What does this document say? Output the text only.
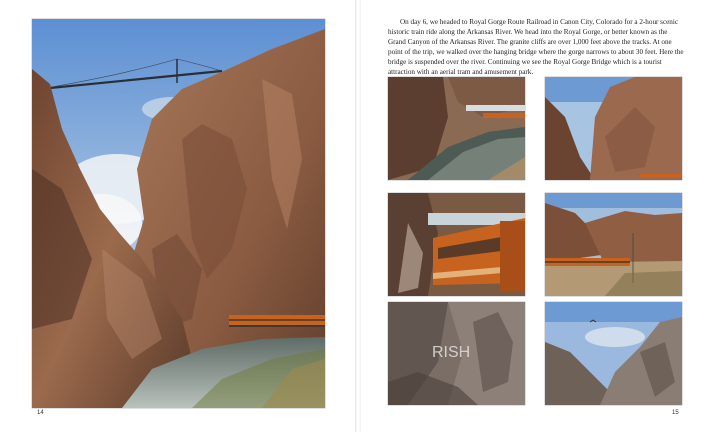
On day 6, we headed to Royal Gorge Route Railroad in Canon City, Colorado for a 2-hour scenic historic train ride along the Arkansas River. We head into the Royal Gorge, or better known as the Grand Canyon of the Arkansas River. The granite cliffs are over 1,000 feet above the tracks. At one point of the trip, we walked over the hanging bridge where the gorge narrows to about 30 feet. Here the bridge is suspended over the river. Continuing we see the Royal Gorge Bridge which is a tourist attraction with an aerial tram and amusement park.
RISH
14	15
